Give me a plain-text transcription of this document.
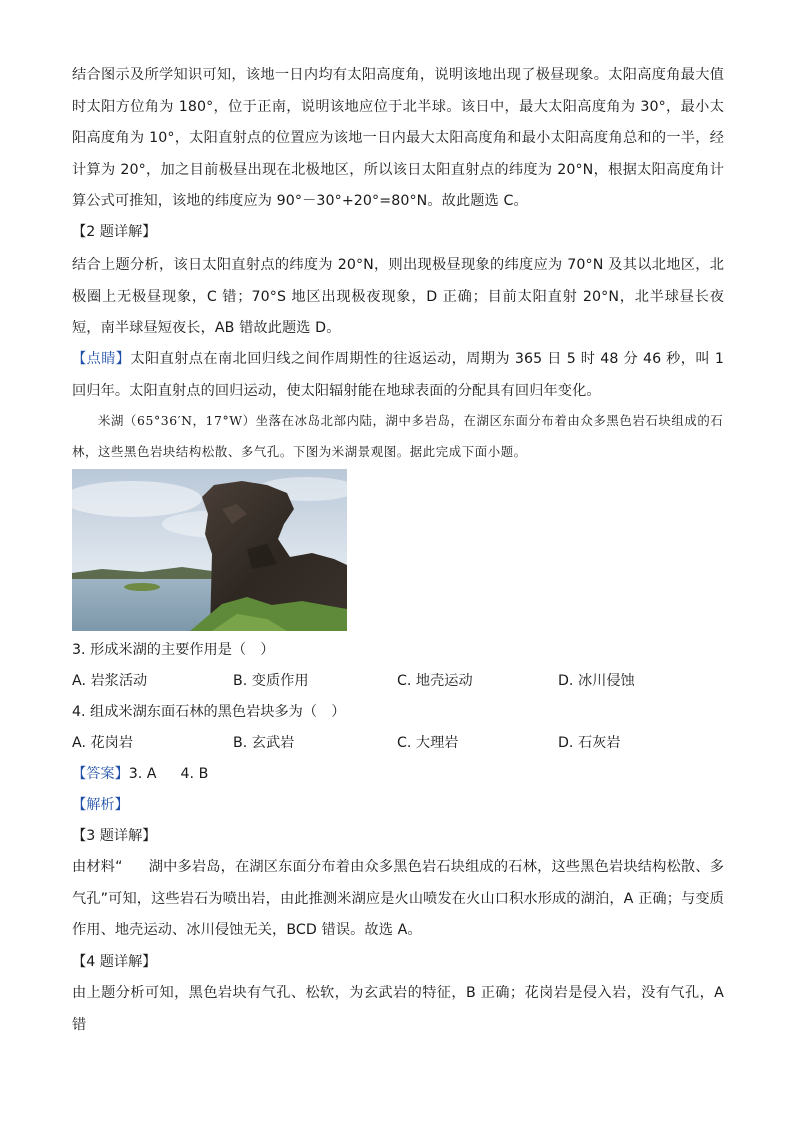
结合图示及所学知识可知，该地一日内均有太阳高度角，说明该地出现了极昼现象。太阳高度角最大值时太阳方位角为 180°，位于正南，说明该地应位于北半球。该日中，最大太阳高度角为 30°，最小太阳高度角为 10°，太阳直射点的位置应为该地一日内最大太阳高度角和最小太阳高度角总和的一半，经计算为 20°，加之目前极昼出现在北极地区，所以该日太阳直射点的纬度为 20°N，根据太阳高度角计算公式可推知，该地的纬度应为 90°－30°+20°=80°N。故此题选 C。
【2 题详解】
结合上题分析，该日太阳直射点的纬度为 20°N，则出现极昼现象的纬度应为 70°N 及其以北地区，北极圈上无极昼现象，C 错；70°S 地区出现极夜现象，D 正确；目前太阳直射 20°N，北半球昼长夜短，南半球昼短夜长，AB 错故此题选 D。
【点睛】太阳直射点在南北回归线之间作周期性的往返运动，周期为 365 日 5 时 48 分 46 秒，叫 1 回归年。太阳直射点的回归运动，使太阳辐射能在地球表面的分配具有回归年变化。
米湖（65°36′N，17°W）坐落在冰岛北部内陆，湖中多岩岛，在湖区东面分布着由众多黑色岩石块组成的石林，这些黑色岩块结构松散、多气孔。下图为米湖景观图。据此完成下面小题。
3. 形成米湖的主要作用是（　）
A. 岩浆活动	B. 变质作用	C. 地壳运动	D. 冰川侵蚀
4. 组成米湖东面石林的黑色岩块多为（　）
A. 花岗岩	B. 玄武岩	C. 大理岩	D. 石灰岩
【答案】3. A 4. B
【解析】
【3 题详解】
由材料“ 湖中多岩岛，在湖区东面分布着由众多黑色岩石块组成的石林，这些黑色岩块结构松散、多气孔”可知，这些岩石为喷出岩，由此推测米湖应是火山喷发在火山口积水形成的湖泊，A 正确；与变质作用、地壳运动、冰川侵蚀无关，BCD 错误。故选 A。
【4 题详解】
由上题分析可知，黑色岩块有气孔、松软，为玄武岩的特征，B 正确；花岗岩是侵入岩，没有气孔，A 错
